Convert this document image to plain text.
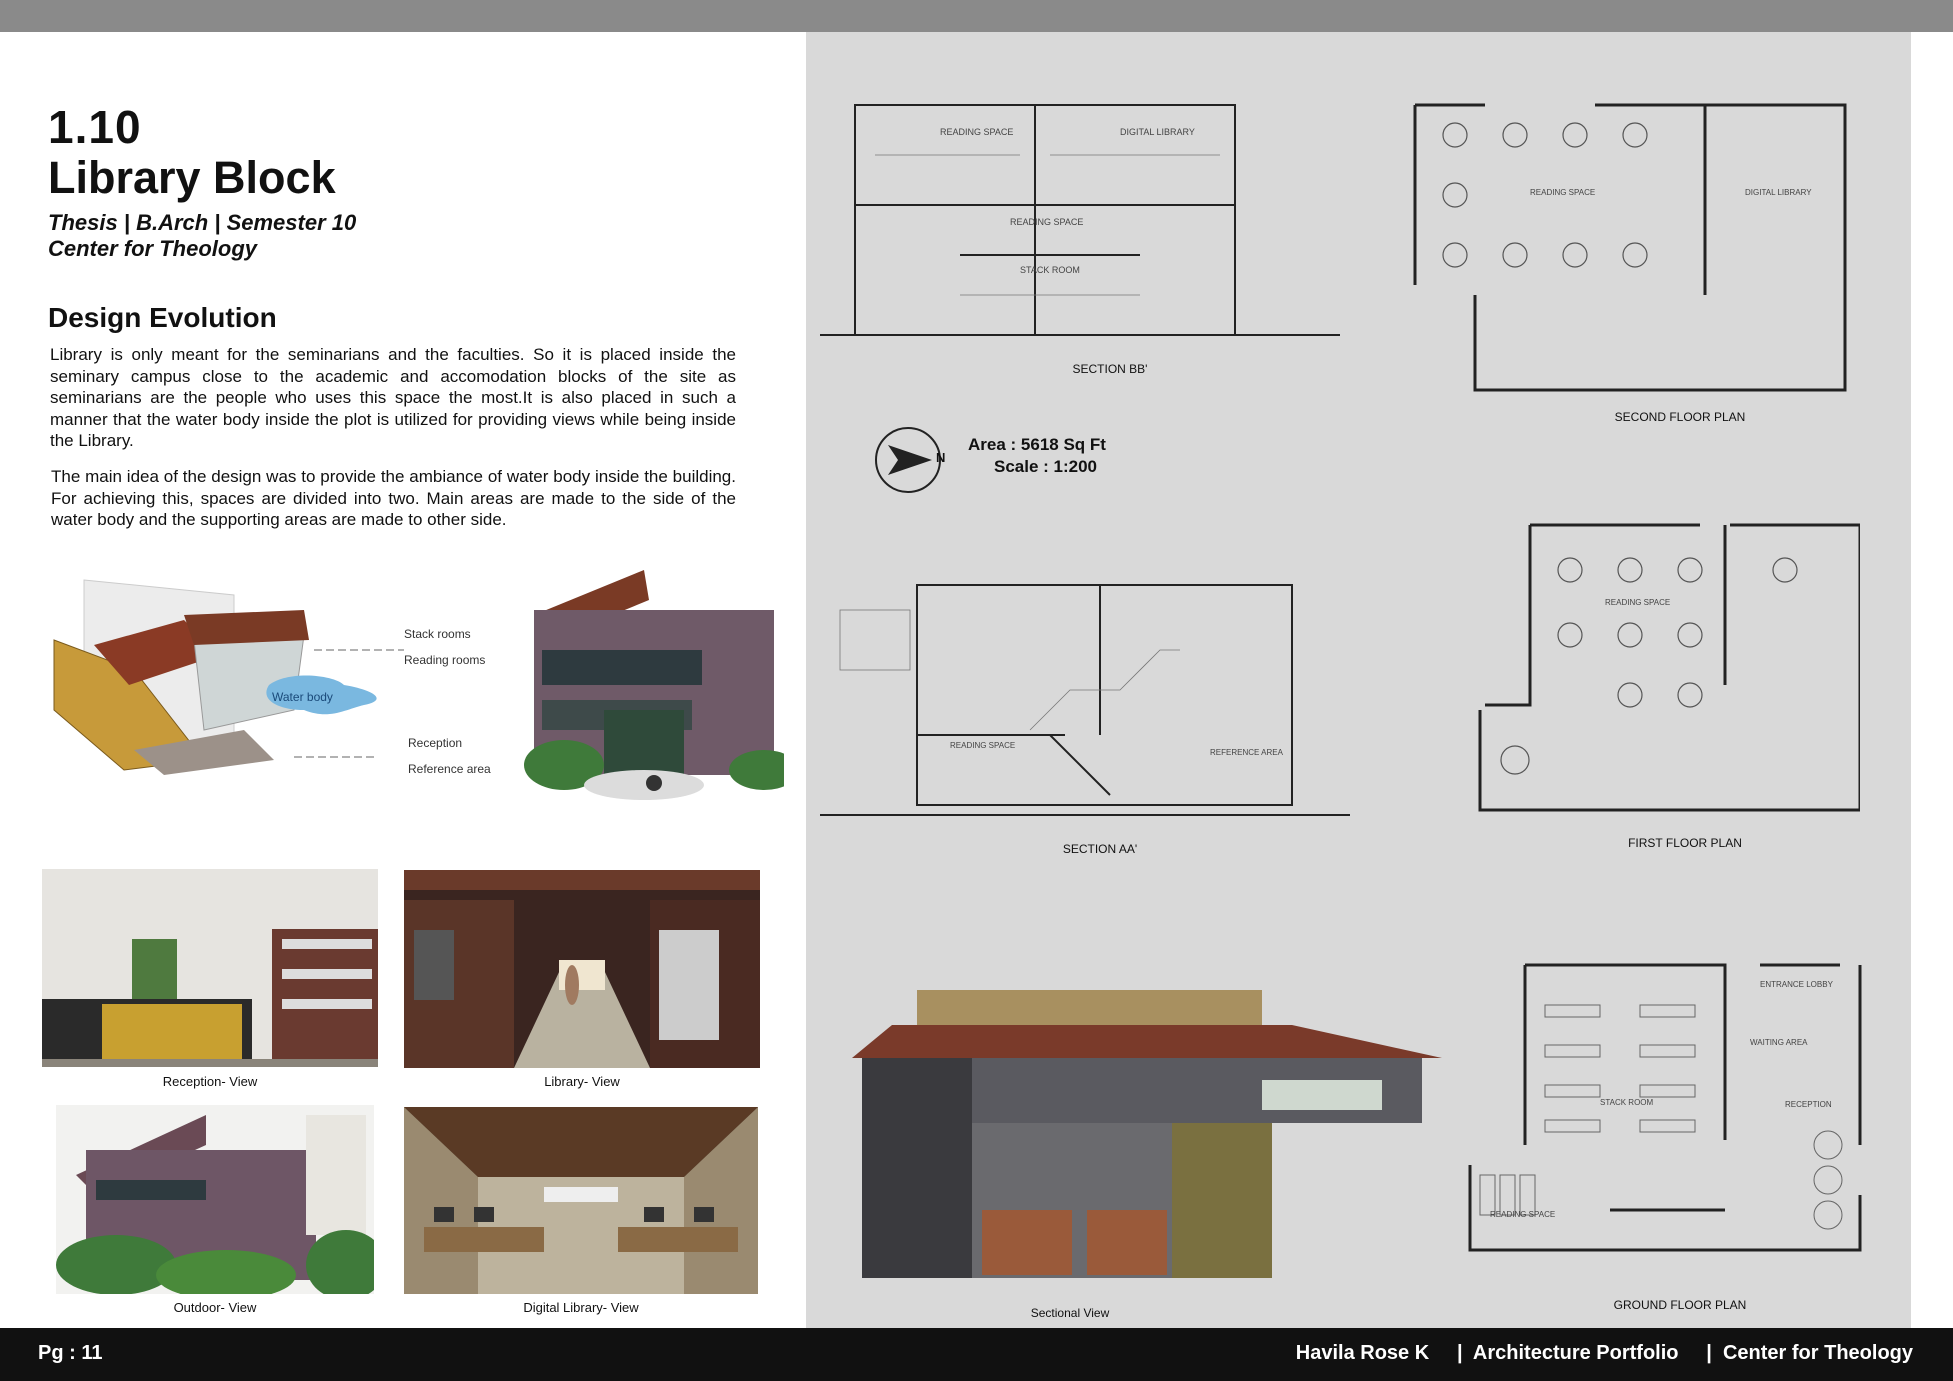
1.10
Library Block
Thesis | B.Arch | Semester 10
Center for Theology
Design Evolution
Library is only meant for the seminarians and the faculties. So it is placed inside the seminary campus close to the academic and accomodation blocks of the site as seminarians are the people who uses this space the most.It is also placed in such a manner that the water body inside the plot is utilized for providing views while being inside the Library.
The main idea of the design was to provide the ambiance of water body inside the building. For achieving this, spaces are divided into two. Main areas are made to the side of the water body and the supporting areas are made to other side.
Water body
Stack rooms
Reading rooms
Reception
Reference area
Reception- View	Library- View
Outdoor- View	Digital Library- View
READING SPACE	DIGITAL LIBRARY
READING SPACE
STACK ROOM
SECTION BB'
READING SPACE	DIGITAL LIBRARY
SECOND FLOOR PLAN
N
Area : 5618 Sq Ft
Scale : 1:200
READING SPACE
REFERENCE AREA
SECTION AA'
READING SPACE
FIRST FLOOR PLAN
Sectional View
STACK ROOM
ENTRANCE LOBBY
WAITING AREA
RECEPTION
READING SPACE
GROUND FLOOR PLAN
Pg : 11	Havila Rose K     |  Architecture Portfolio     |  Center for Theology
